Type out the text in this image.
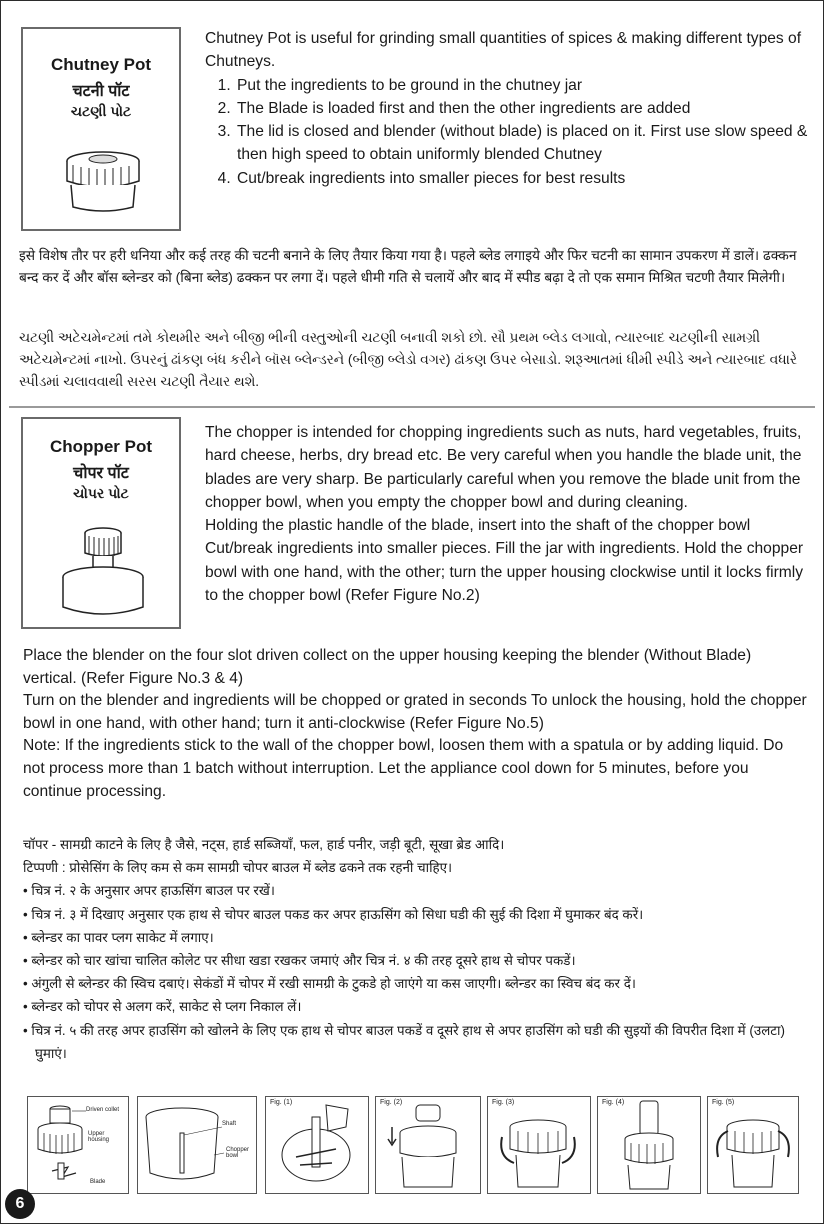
Chutney Pot
चटनी पॉट
ચટણી પોટ

Chutney Pot is useful for grinding small quantities of spices & making different types of Chutneys.

1. Put the ingredients to be ground in the chutney jar
2. The Blade is loaded first and then the other ingredients are added
3. The lid is closed and blender (without blade) is placed on it. First use slow speed & then high speed to obtain uniformly blended Chutney
4. Cut/break ingredients into smaller pieces for best results
इसे विशेष तौर पर हरी धनिया और कई तरह की चटनी बनाने के लिए तैयार किया गया है। पहले ब्लेड लगाइये और फिर चटनी का सामान उपकरण में डालें। ढक्कन बन्द कर दें और बॉस ब्लेन्डर को (बिना ब्लेड) ढक्कन पर लगा दें। पहले धीमी गति से चलायें और बाद में स्पीड बढ़ा दे तो एक समान मिश्रित चटणी तैयार मिलेगी।
ચટણી અટેચમેન્ટમાં તમે કોથમીર અને બીજી ભીની વસ્તુઓની ચટણી બનાવી શકો છો. સૌ પ્રથમ બ્લેડ લગાવો, ત્યારબાદ ચટણીની સામગ્રી અટેચમેન્ટમાં નાખો. ઉપરનું ઢાંકણ બંધ કરીને બૉસ બ્લેન્ડરને (બીજી બ્લેડો વગર) ઢાંકણ ઉપર બેસાડો. શરૂઆતમાં ધીમી સ્પીડે અને ત્યારબાદ વધારે સ્પીડમાં ચલાવવાથી સરસ ચટણી તૈયાર થશે.
Chopper Pot
चोपर पॉट
ચોપર પોટ

The chopper is intended for chopping ingredients such as nuts, hard vegetables, fruits, hard cheese, herbs, dry bread etc. Be very careful when you handle the blade unit, the blades are very sharp. Be particularly careful when you remove the blade unit from the chopper bowl, when you empty the chopper bowl and during cleaning.

Holding the plastic handle of the blade, insert into the shaft of the chopper bowl Cut/break ingredients into smaller pieces. Fill the jar with ingredients. Hold the chopper bowl with one hand, with the other; turn the upper housing clockwise until it locks firmly to the chopper bowl (Refer Figure No.2)

Place the blender on the four slot driven collect on the upper housing keeping the blender (Without Blade) vertical. (Refer Figure No.3 & 4)

Turn on the blender and ingredients will be chopped or grated in seconds To unlock the housing, hold the chopper bowl in one hand, with other hand; turn it anti-clockwise (Refer Figure No.5)

Note: If the ingredients stick to the wall of the chopper bowl, loosen them with a spatula or by adding liquid. Do not process more than 1 batch without interruption. Let the appliance cool down for 5 minutes, before you continue processing.

चॉपर - सामग्री काटने के लिए है जैसे, नट्स, हार्ड सब्जियाँ, फल, हार्ड पनीर, जड़ी बूटी, सूखा ब्रेड आदि।

टिप्पणी : प्रोसेसिंग के लिए कम से कम सामग्री चोपर बाउल में ब्लेड ढकने तक रहनी चाहिए।

• चित्र नं. २ के अनुसार अपर हाऊसिंग बाउल पर रखें।

• चित्र नं. ३ में दिखाए अनुसार एक हाथ से चोपर बाउल पकड कर अपर हाऊसिंग को सिधा घडी की सुई की दिशा में घुमाकर बंद करें।

• ब्लेन्डर का पावर प्लग साकेट में लगाए।

• ब्लेन्डर को चार खांचा चालित कोलेट पर सीधा खडा रखकर जमाएं और चित्र नं. ४ की तरह दूसरे हाथ से चोपर पकडें।

• अंगुली से ब्लेन्डर की स्विच दबाएं। सेकंडों में चोपर में रखी सामग्री के टुकडे हो जाएंगे या कस जाएगी। ब्लेन्डर का स्विच बंद कर दें।

• ब्लेन्डर को चोपर से अलग करें, साकेट से प्लग निकाल लें।

• चित्र नं. ५ की तरह अपर हाउसिंग को खोलने के लिए एक हाथ से चोपर बाउल पकडें व दूसरे हाथ से अपर हाउसिंग को घडी की सुइयों की विपरीत दिशा में (उलटा) घुमाएं।

Driven collet
Upper housing
Blade
Shaft
Chopper bowl
Fig. (1)	Fig. (2)	Fig. (3)	Fig. (4)	Fig. (5)
6
